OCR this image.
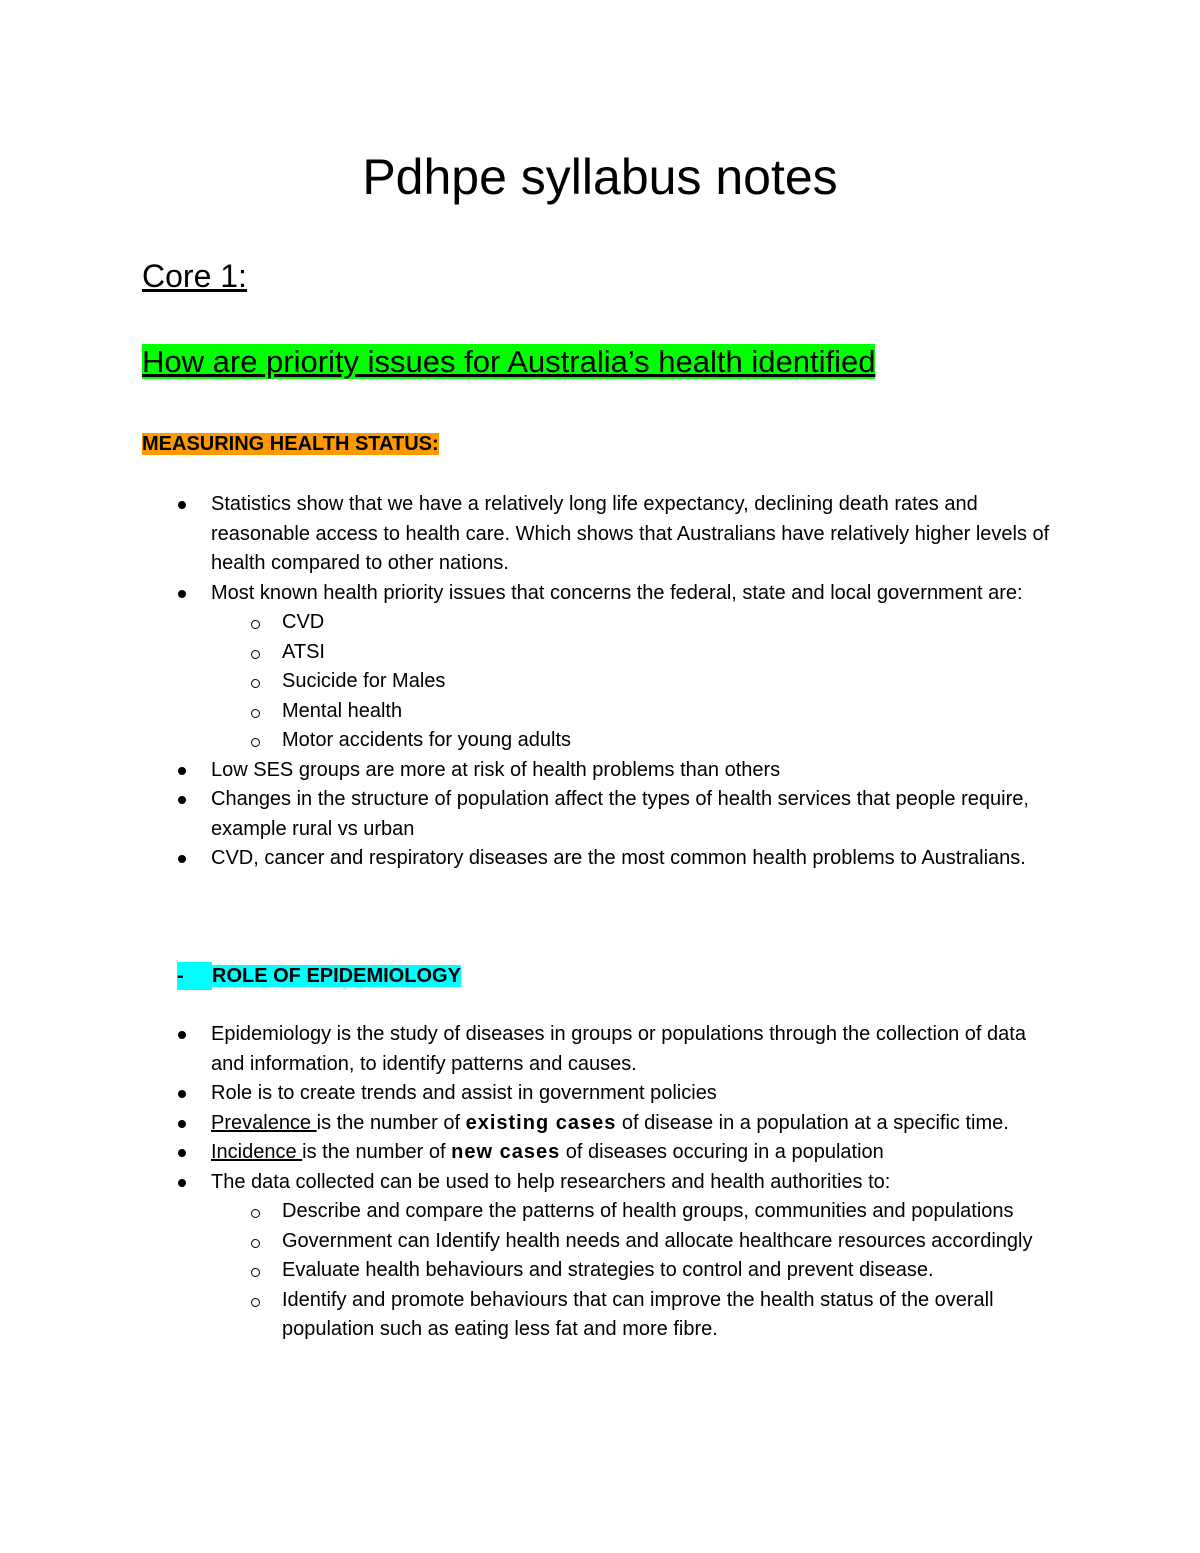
Pdhpe syllabus notes
Core 1:
How are priority issues for Australia’s health identified
MEASURING HEALTH STATUS:
Statistics show that we have a relatively long life expectancy, declining death rates and reasonable access to health care. Which shows that Australians have relatively higher levels of health compared to other nations.
Most known health priority issues that concerns the federal, state and local government are:
CVD
ATSI
Sucicide for Males
Mental health
Motor accidents for young adults
Low SES groups are more at risk of health problems than others
Changes in the structure of population affect the types of health services that people require, example rural vs urban
CVD, cancer and respiratory diseases are the most common health problems to Australians.
- ROLE OF EPIDEMIOLOGY
Epidemiology is the study of diseases in groups or populations through the collection of data and information, to identify patterns and causes.
Role is to create trends and assist in government policies
Prevalence is the number of existing cases of disease in a population at a specific time.
Incidence is the number of new cases of diseases occuring in a population
The data collected can be used to help researchers and health authorities to:
Describe and compare the patterns of health groups, communities and populations
Government can Identify health needs and allocate healthcare resources accordingly
Evaluate health behaviours and strategies to control and prevent disease.
Identify and promote behaviours that can improve the health status of the overall population such as eating less fat and more fibre.
